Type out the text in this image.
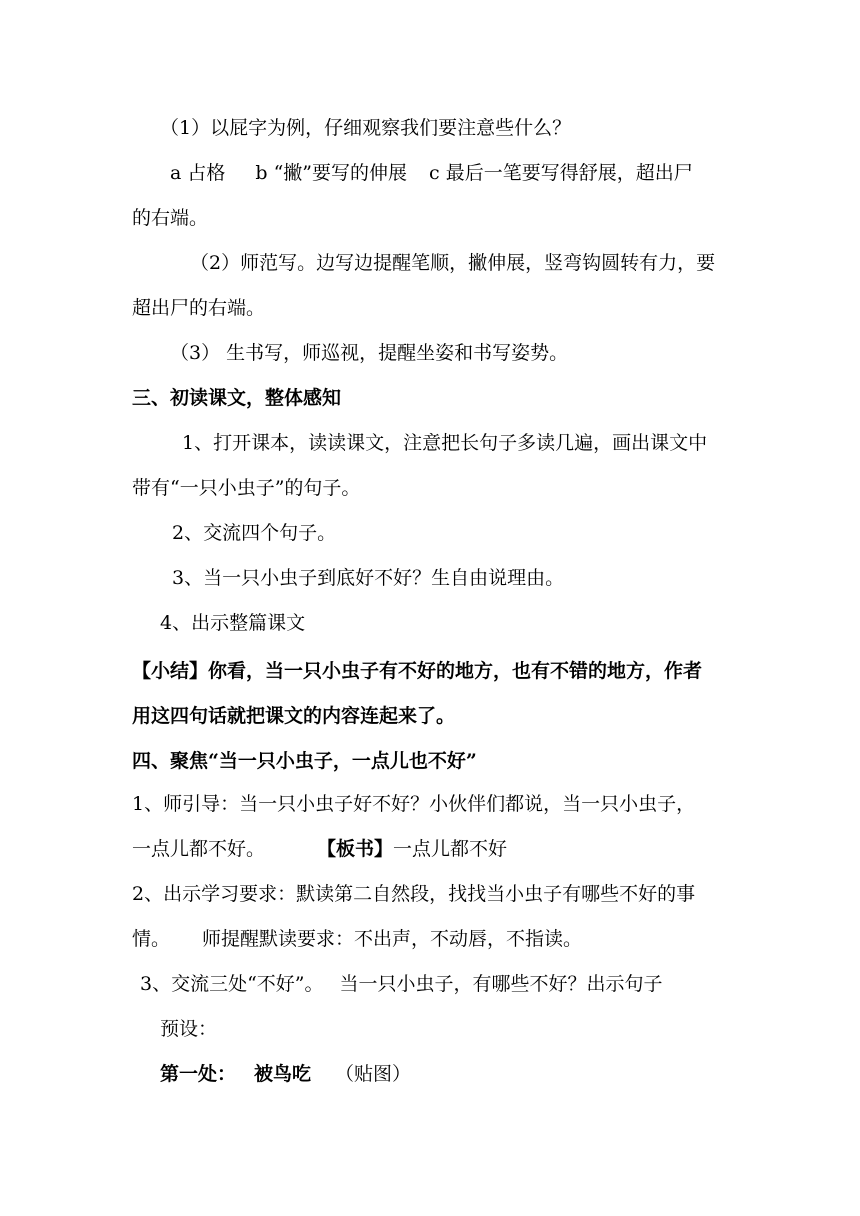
（1）以屁字为例，仔细观察我们要注意些什么？
a 占格 b “撇”要写的伸展 c 最后一笔要写得舒展，超出尸
的右端。
（2）师范写。边写边提醒笔顺，撇伸展，竖弯钩圆转有力，要
超出尸的右端。
（3） 生书写，师巡视，提醒坐姿和书写姿势。
三、初读课文，整体感知
1、打开课本，读读课文，注意把长句子多读几遍，画出课文中
带有“一只小虫子”的句子。
2、交流四个句子。
3、当一只小虫子到底好不好？生自由说理由。
4、出示整篇课文
【小结】你看，当一只小虫子有不好的地方，也有不错的地方，作者
用这四句话就把课文的内容连起来了。
四、聚焦“当一只小虫子，一点儿也不好”
1、师引导：当一只小虫子好不好？小伙伴们都说，当一只小虫子，
一点儿都不好。	【板书】一点儿都不好
2、出示学习要求：默读第二自然段，找找当小虫子有哪些不好的事
情。 师提醒默读要求：不出声，不动唇，不指读。
3、交流三处“不好”。 当一只小虫子，有哪些不好？出示句子
预设：
第一处： 被鸟吃 （贴图）
